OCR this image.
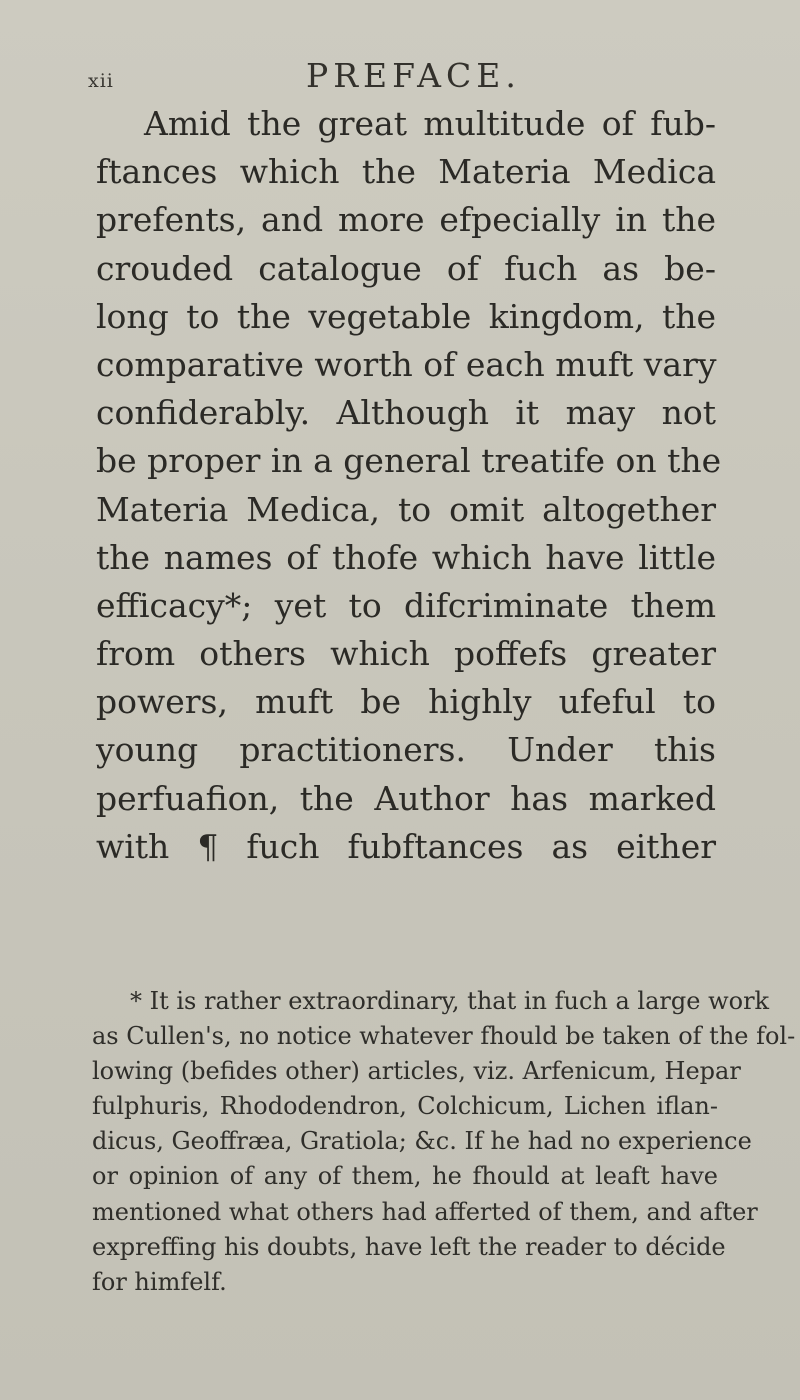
xii	PREFACE.
Amid the great multitude of fub-
ftances which the Materia Medica
prefents, and more efpecially in the
crouded catalogue of fuch as be-
long to the vegetable kingdom, the
comparative worth of each muft vary
confiderably. Although it may not
be proper in a general treatife on the
Materia Medica, to omit altogether
the names of thofe which have little
efficacy*; yet to difcriminate them
from others which poffefs greater
powers, muft be highly ufeful to
young practitioners. Under this
perfuafion, the Author has marked
with ¶ fuch fubftances as either
* It is rather extraordinary, that in fuch a large work
as Cullen's, no notice whatever fhould be taken of the fol-
lowing (befides other) articles, viz. Arfenicum, Hepar
fulphuris, Rhododendron, Colchicum, Lichen iflan-
dicus, Geoffræa, Gratiola; &c. If he had no experience
or opinion of any of them, he fhould at leaft have
mentioned what others had afferted of them, and after
expreffing his doubts, have left the reader to décide
for himfelf.
